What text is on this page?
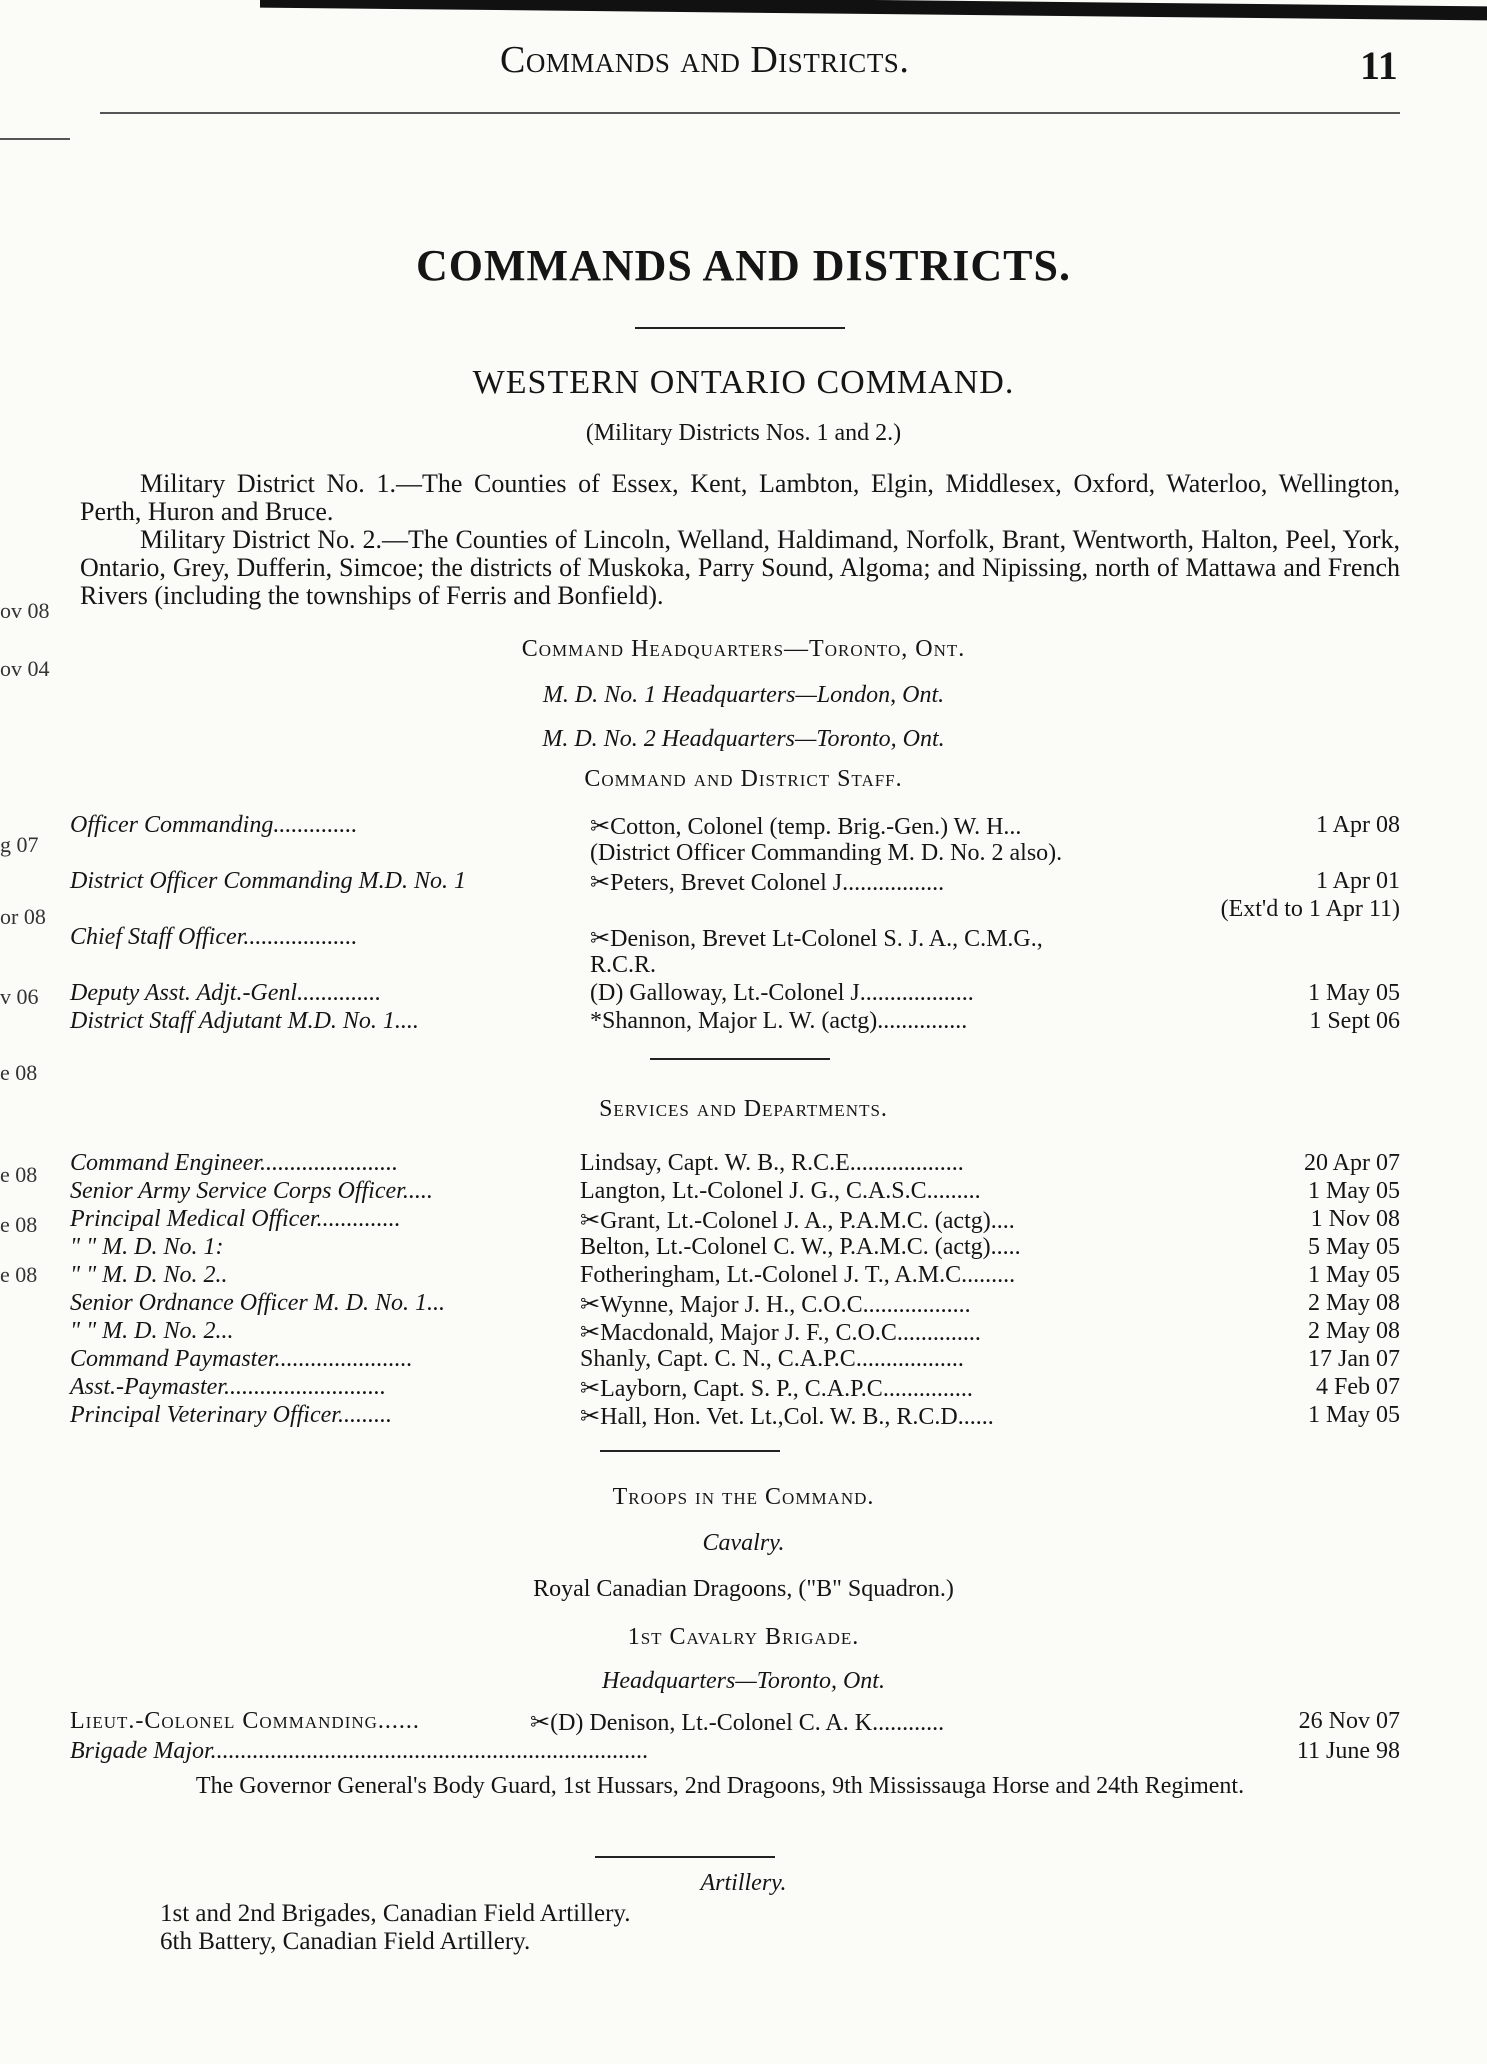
Commands and Districts.	11
COMMANDS AND DISTRICTS.
WESTERN ONTARIO COMMAND.
(Military Districts Nos. 1 and 2.)
Military District No. 1.—The Counties of Essex, Kent, Lambton, Elgin, Middlesex, Oxford, Waterloo, Wellington, Perth, Huron and Bruce.
Military District No. 2.—The Counties of Lincoln, Welland, Haldimand, Norfolk, Brant, Wentworth, Halton, Peel, York, Ontario, Grey, Dufferin, Simcoe; the districts of Muskoka, Parry Sound, Algoma; and Nipissing, north of Mattawa and French Rivers (including the townships of Ferris and Bonfield).
Command Headquarters—Toronto, Ont.
M. D. No. 1 Headquarters—London, Ont.
M. D. No. 2 Headquarters—Toronto, Ont.
Command and District Staff.
Officer Commanding..............	✂Cotton, Colonel (temp. Brig.-Gen.) W. H...	1 Apr 08
(District Officer Commanding M. D. No. 2 also).
District Officer Commanding M.D. No. 1	✂Peters, Brevet Colonel J.................	1 Apr 01
(Ext'd to 1 Apr 11)
Chief Staff Officer...................	✂Denison, Brevet Lt-Colonel S. J. A., C.M.G.,
R.C.R.
Deputy Asst. Adjt.-Genl..............	(D) Galloway, Lt.-Colonel J...................	1 May 05
District Staff Adjutant M.D. No. 1....	*Shannon, Major L. W. (actg)...............	1 Sept 06
Services and Departments.
Command Engineer.......................	Lindsay, Capt. W. B., R.C.E...................	20 Apr 07
Senior Army Service Corps Officer.....	Langton, Lt.-Colonel J. G., C.A.S.C.........	1 May 05
Principal Medical Officer..............	✂Grant, Lt.-Colonel J. A., P.A.M.C. (actg)....	1 Nov 08
" " M. D. No. 1:	Belton, Lt.-Colonel C. W., P.A.M.C. (actg).....	5 May 05
" " M. D. No. 2..	Fotheringham, Lt.-Colonel J. T., A.M.C.........	1 May 05
Senior Ordnance Officer M. D. No. 1...	✂Wynne, Major J. H., C.O.C..................	2 May 08
" " M. D. No. 2...	✂Macdonald, Major J. F., C.O.C..............	2 May 08
Command Paymaster.......................	Shanly, Capt. C. N., C.A.P.C..................	17 Jan 07
Asst.-Paymaster...........................	✂Layborn, Capt. S. P., C.A.P.C...............	4 Feb 07
Principal Veterinary Officer.........	✂Hall, Hon. Vet. Lt.,Col. W. B., R.C.D......	1 May 05
Troops in the Command.
Cavalry.
Royal Canadian Dragoons, ("B" Squadron.)
1st Cavalry Brigade.
Headquarters—Toronto, Ont.
Lieut.-Colonel Commanding......	✂(D) Denison, Lt.-Colonel C. A. K............	26 Nov 07
Brigade Major.........................................................................	11 June 98
The Governor General's Body Guard, 1st Hussars, 2nd Dragoons, 9th Mississauga Horse and 24th Regiment.
Artillery.
1st and 2nd Brigades, Canadian Field Artillery.
6th Battery, Canadian Field Artillery.
ov 08
ov 04
g 07
or 08
v 06
e 08
e 08
e 08
e 08
